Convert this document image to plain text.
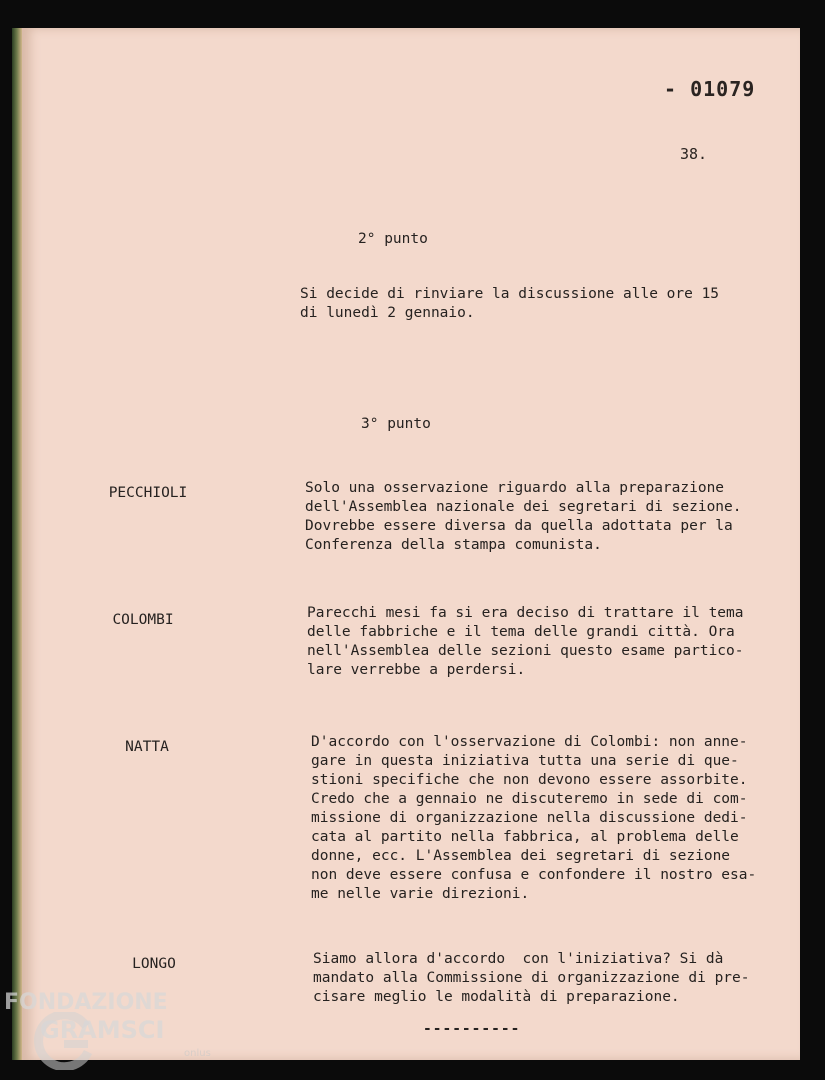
- 01079
38.
2° punto
Si decide di rinviare la discussione alle ore 15
di lunedì 2 gennaio.
3° punto
PECCHIOLI	Solo una osservazione riguardo alla preparazione
dell'Assemblea nazionale dei segretari di sezione.
Dovrebbe essere diversa da quella adottata per la
Conferenza della stampa comunista.
COLOMBI	Parecchi mesi fa si era deciso di trattare il tema
delle fabbriche e il tema delle grandi città. Ora
nell'Assemblea delle sezioni questo esame partico-
lare verrebbe a perdersi.
NATTA	D'accordo con l'osservazione di Colombi: non anne-
gare in questa iniziativa tutta una serie di que-
stioni specifiche che non devono essere assorbite.
Credo che a gennaio ne discuteremo in sede di com-
missione di organizzazione nella discussione dedi-
cata al partito nella fabbrica, al problema delle
donne, ecc. L'Assemblea dei segretari di sezione
non deve essere confusa e confondere il nostro esa-
me nelle varie direzioni.
LONGO	Siamo allora d'accordo  con l'iniziativa? Si dà
mandato alla Commissione di organizzazione di pre-
cisare meglio le modalità di preparazione.
----------
FONDAZIONE
GRAMSCI
onlus
